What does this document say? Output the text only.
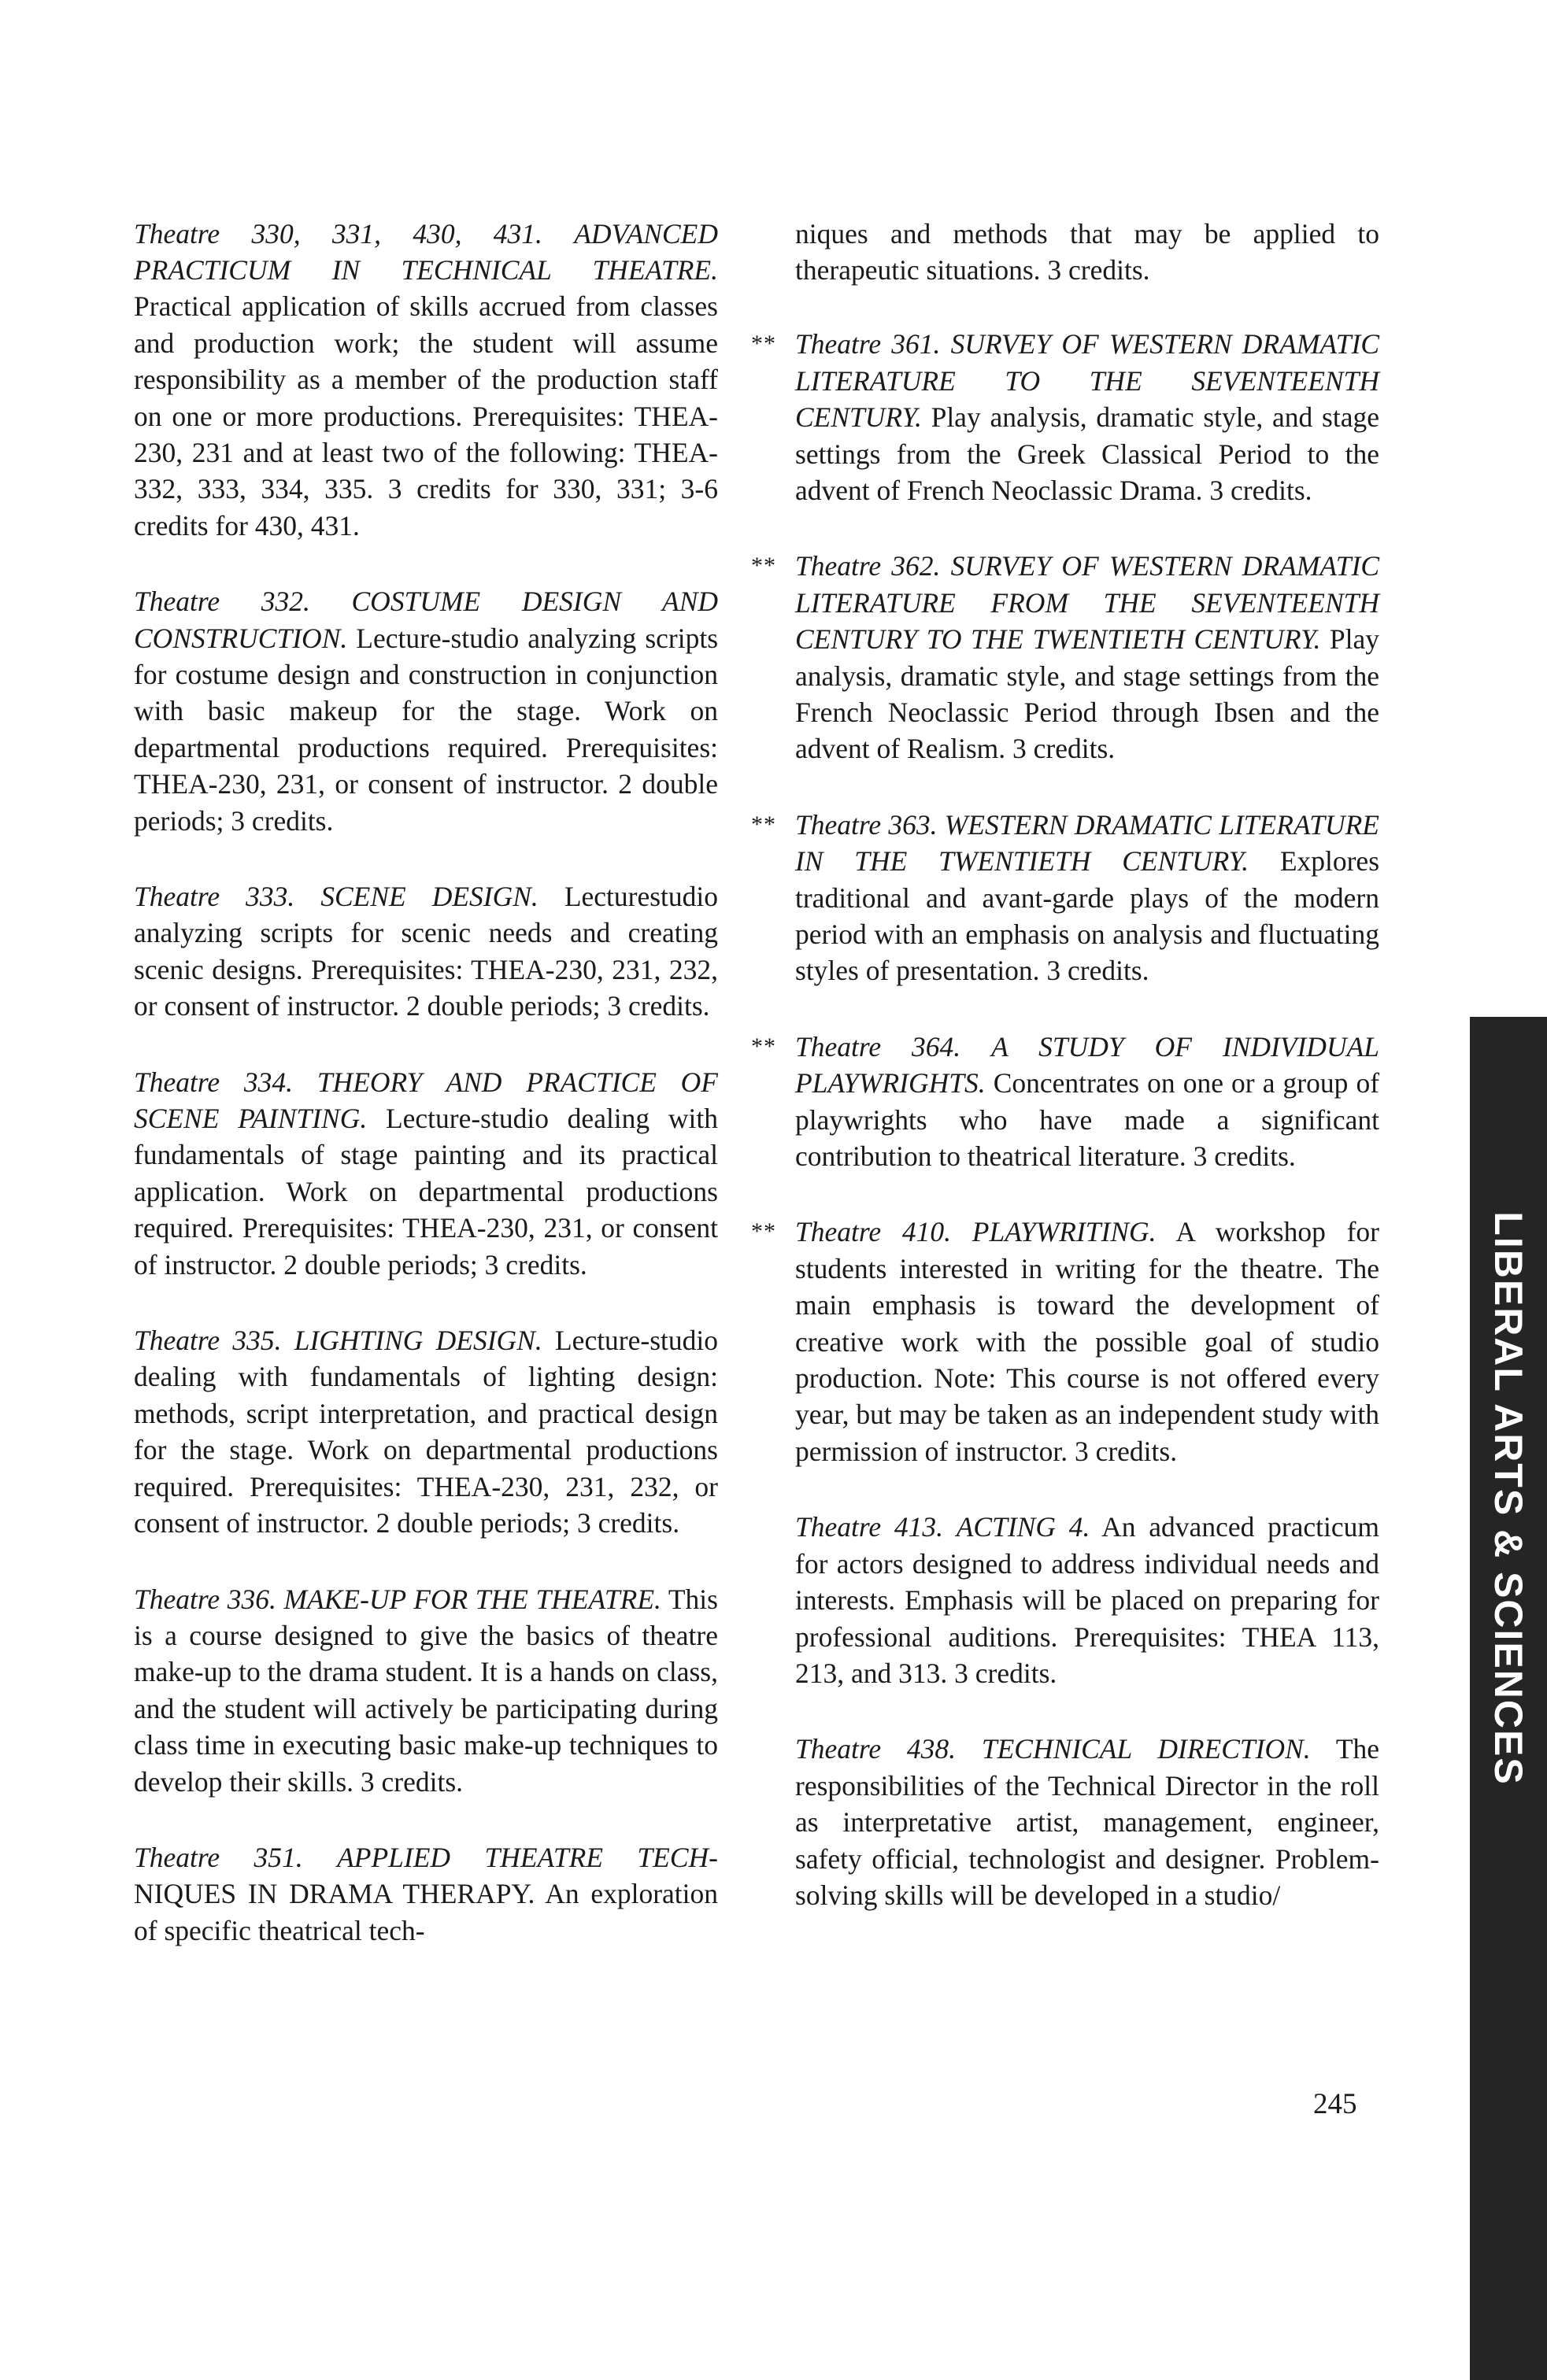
Theatre 330, 331, 430, 431. ADVANCED PRACTICUM IN TECHNICAL THEATRE. Practical application of skills accrued from classes and production work; the student will assume responsibility as a member of the production staff on one or more productions. Prerequisites: THEA-230, 231 and at least two of the following: THEA-332, 333, 334, 335. 3 credits for 330, 331; 3-6 credits for 430, 431.

Theatre 332. COSTUME DESIGN AND CONSTRUCTION. Lecture-studio analyzing scripts for costume design and construction in conjunction with basic makeup for the stage. Work on departmental productions required. Prerequisites: THEA-230, 231, or consent of instructor. 2 double periods; 3 credits.

Theatre 333. SCENE DESIGN. Lecturestudio analyzing scripts for scenic needs and creating scenic designs. Prerequisites: THEA-230, 231, 232, or consent of instructor. 2 double periods; 3 credits.

Theatre 334. THEORY AND PRACTICE OF SCENE PAINTING. Lecture-studio dealing with fundamentals of stage painting and its practical application. Work on departmental productions required. Prerequisites: THEA-230, 231, or consent of instructor. 2 double periods; 3 credits.

Theatre 335. LIGHTING DESIGN. Lecture-studio dealing with fundamentals of lighting design: methods, script interpretation, and practical design for the stage. Work on departmental productions required. Prerequisites: THEA-230, 231, 232, or consent of instructor. 2 double periods; 3 credits.

Theatre 336. MAKE-UP FOR THE THEATRE. This is a course designed to give the basics of theatre make-up to the drama student. It is a hands on class, and the student will actively be participating during class time in executing basic make-up techniques to develop their skills. 3 credits.

Theatre 351. APPLIED THEATRE TECH- NIQUES IN DRAMA THERAPY. An exploration of specific theatrical tech-

niques and methods that may be applied to therapeutic situations. 3 credits.

** Theatre 361. SURVEY OF WESTERN DRAMATIC LITERATURE TO THE SEVENTEENTH CENTURY. Play analysis, dramatic style, and stage settings from the Greek Classical Period to the advent of French Neoclassic Drama. 3 credits.

** Theatre 362. SURVEY OF WESTERN DRAMATIC LITERATURE FROM THE SEVENTEENTH CENTURY TO THE TWENTIETH CENTURY. Play analysis, dramatic style, and stage settings from the French Neoclassic Period through Ibsen and the advent of Realism. 3 credits.

** Theatre 363. WESTERN DRAMATIC LITERATURE IN THE TWENTIETH CENTURY. Explores traditional and avant-garde plays of the modern period with an emphasis on analysis and fluctuating styles of presentation. 3 credits.

** Theatre 364. A STUDY OF INDIVIDUAL PLAYWRIGHTS. Concentrates on one or a group of playwrights who have made a significant contribution to theatrical literature. 3 credits.

** Theatre 410. PLAYWRITING. A workshop for students interested in writing for the theatre. The main emphasis is toward the development of creative work with the possible goal of studio production. Note: This course is not offered every year, but may be taken as an independent study with permission of instructor. 3 credits.

Theatre 413. ACTING 4. An advanced practicum for actors designed to address individual needs and interests. Emphasis will be placed on preparing for professional auditions. Prerequisites: THEA 113, 213, and 313. 3 credits.

Theatre 438. TECHNICAL DIRECTION. The responsibilities of the Technical Director in the roll as interpretative artist, management, engineer, safety official, technologist and designer. Problem-solving skills will be developed in a studio/

245
LIBERAL ARTS & SCIENCES
